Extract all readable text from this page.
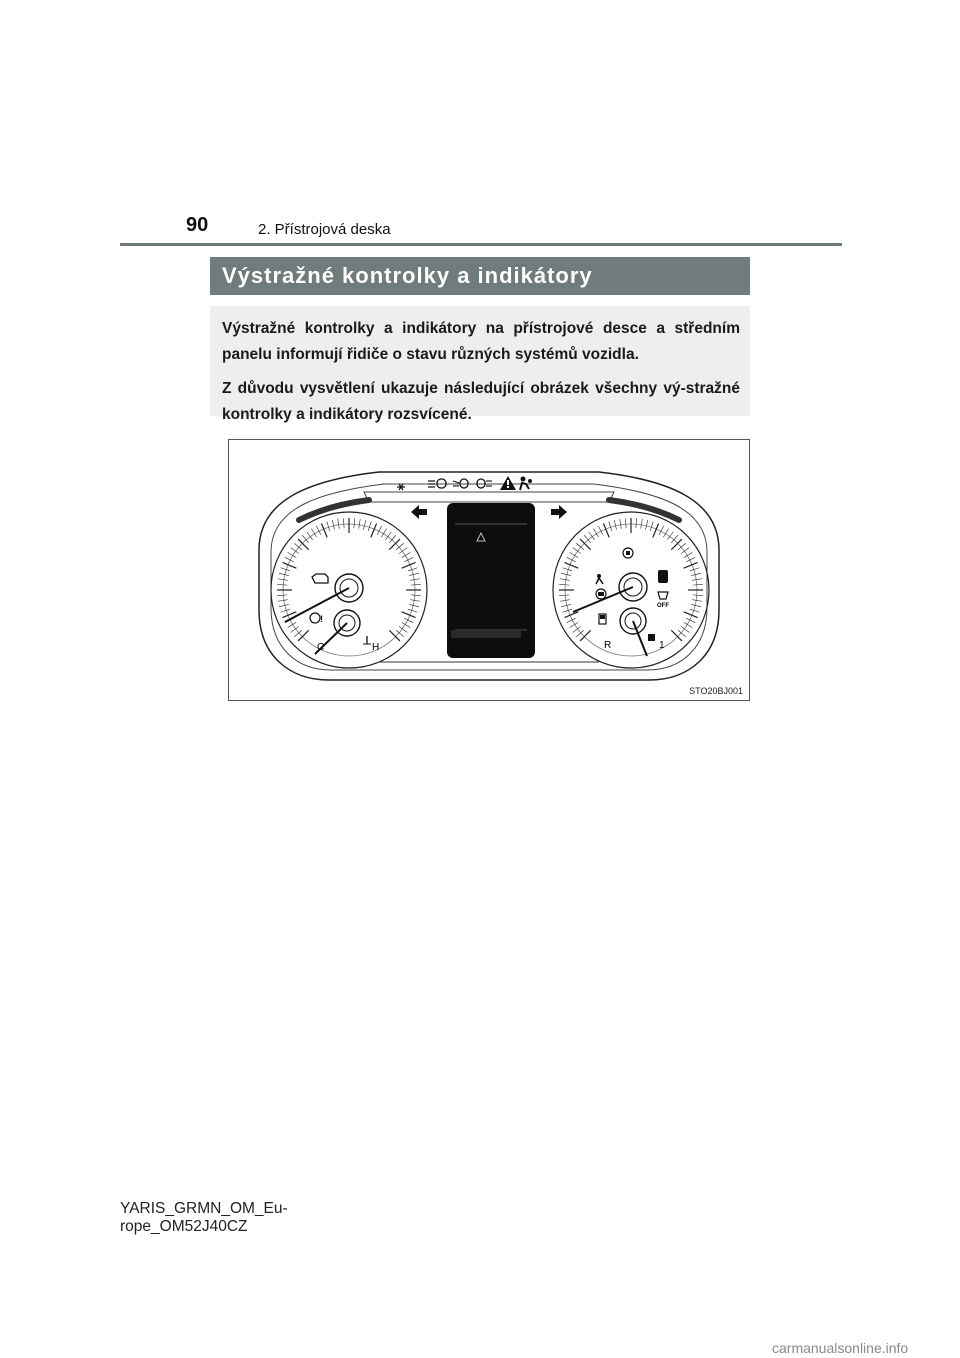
90	2. Přístrojová deska
Výstražné kontrolky a indikátory

Výstražné kontrolky a indikátory na přístrojové desce a středním panelu informují řidiče o stavu různých systémů vozidla.

Z důvodu vysvětlení ukazuje následující obrázek všechny vý-stražné kontrolky a indikátory rozsvícené.

!
C	H
OFF
R	1
STO20BJ001
YARIS_GRMN_OM_Eu-
rope_OM52J40CZ
carmanualsonline.info
